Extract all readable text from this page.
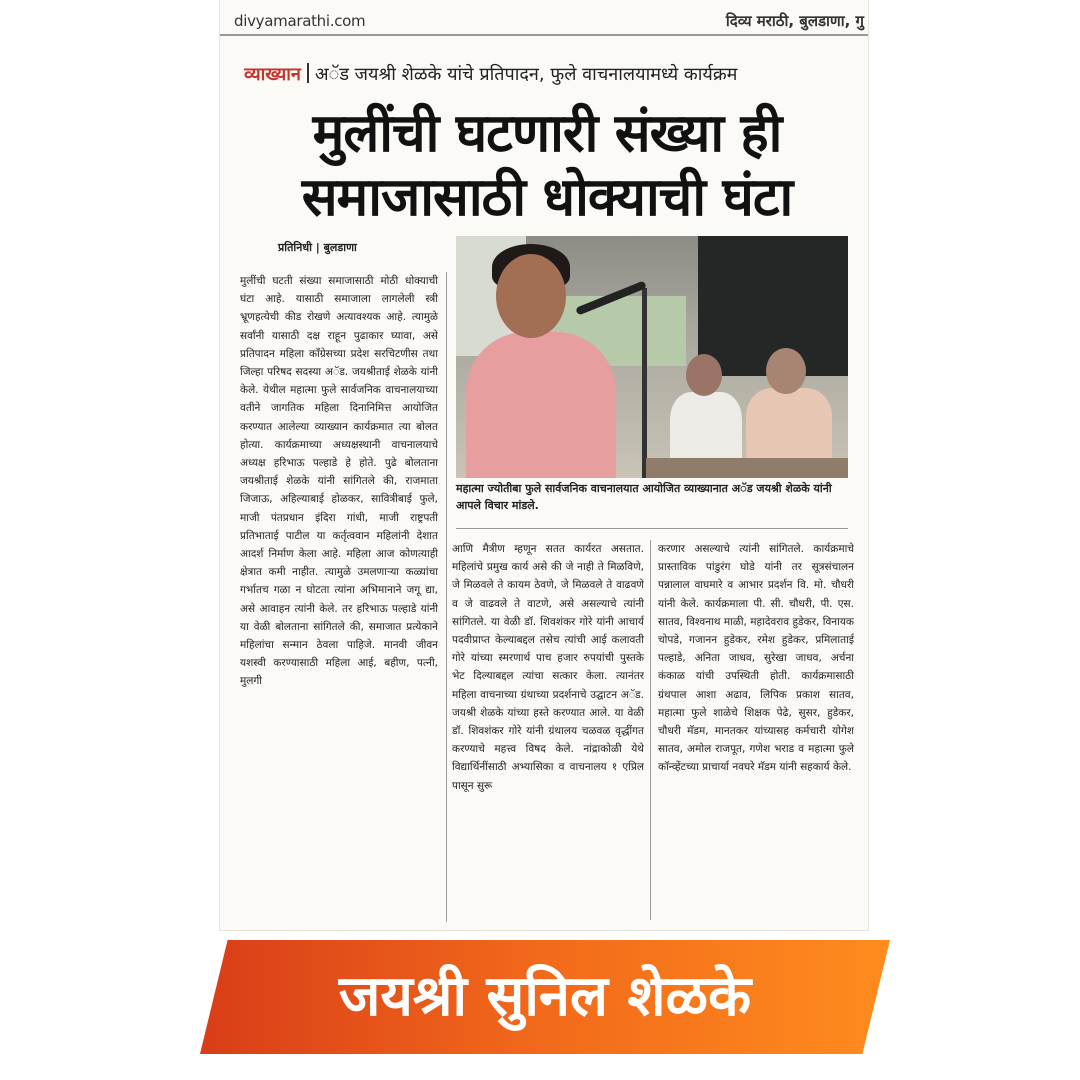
divyamarathi.com	दिव्य मराठी, बुलडाणा, गु
व्याख्यान अॅड जयश्री शेळके यांचे प्रतिपादन, फुले वाचनालयामध्ये कार्यक्रम
मुलींची घटणारी संख्या ही समाजासाठी धोक्याची घंटा
प्रतिनिधी | बुलडाणा

महात्मा ज्योतीबा फुले सार्वजनिक वाचनालयात आयोजित व्याख्यानात अॅड जयश्री शेळके यांनी आपले विचार मांडले.

मुलींची घटती संख्या समाजासाठी मोठी धोक्याची घंटा आहे. यासाठी समाजाला लागलेली स्त्री भ्रूणहत्येची कीड रोखणे अत्यावश्यक आहे. त्यामुळे सर्वांनी यासाठी दक्ष राहून पुढाकार घ्यावा, असे प्रतिपादन महिला काँग्रेसच्या प्रदेश सरचिटणीस तथा जिल्हा परिषद सदस्या अॅड. जयश्रीताई शेळके यांनी केले. येथील महात्मा फुले सार्वजनिक वाचनालयाच्या वतीने जागतिक महिला दिनानिमित्त आयोजित करण्यात आलेल्या व्याख्यान कार्यक्रमात त्या बोलत होत्या. कार्यक्रमाच्या अध्यक्षस्थानी वाचनालयाचे अध्यक्ष हरिभाऊ पल्हाडे हे होते. पुढे बोलताना जयश्रीताई शेळके यांनी सांगितले की, राजमाता जिजाऊ, अहिल्याबाई होळकर, सावित्रीबाई फुले, माजी पंतप्रधान इंदिरा गांधी, माजी राष्ट्रपती प्रतिभाताई पाटील या कर्तृत्ववान महिलांनी देशात आदर्श निर्माण केला आहे. महिला आज कोणत्याही क्षेत्रात कमी नाहीत. त्यामुळे उमलणाऱ्या कळ्यांचा गर्भातच गळा न घोटता त्यांना अभिमानाने जगू द्या, असे आवाहन त्यांनी केले. तर हरिभाऊ पल्हाडे यांनी या वेळी बोलताना सांगितले की, समाजात प्रत्येकाने महिलांचा सन्मान ठेवला पाहिजे. मानवी जीवन यशस्वी करण्यासाठी महिला आई, बहीण, पत्नी, मुलगी

आणि मैत्रीण म्हणून सतत कार्यरत असतात. महिलांचे प्रमुख कार्य असे की जे नाही ते मिळविणे, जे मिळवले ते कायम ठेवणे, जे मिळवले ते वाढवणे व जे वाढवले ते वाटणे, असे असल्याचे त्यांनी सांगितले. या वेळी डॉ. शिवशंकर गोरे यांनी आचार्य पदवीप्राप्त केल्याबद्दल तसेच त्यांची आई कलावती गोरे यांच्या स्मरणार्थ पाच हजार रुपयांची पुस्तके भेट दिल्याबद्दल त्यांचा सत्कार केला. त्यानंतर महिला वाचनाच्या ग्रंथाच्या प्रदर्शनाचे उद्घाटन अॅड. जयश्री शेळके यांच्या हस्ते करण्यात आले. या वेळी डॉ. शिवशंकर गोरे यांनी ग्रंथालय चळवळ वृद्धींगत करण्याचे महत्त्व विषद केले. नांद्राकोळी येथे विद्यार्थिनींसाठी अभ्यासिका व वाचनालय १ एप्रिल पासून सुरू

करणार असल्याचे त्यांनी सांगितले. कार्यक्रमाचे प्रास्ताविक पांडुरंग घोडे यांनी तर सूत्रसंचालन पन्नालाल वाघमारे व आभार प्रदर्शन वि. मो. चौधरी यांनी केले. कार्यक्रमाला पी. सी. चौधरी, पी. एस. सातव, विश्वनाथ माळी, महादेवराव हुडेकर, विनायक चोपडे, गजानन हुडेकर, रमेश हुडेकर, प्रमिलाताई पल्हाडे, अनिता जाधव, सुरेखा जाधव, अर्चना कंकाळ यांची उपस्थिती होती. कार्यक्रमासाठी ग्रंथपाल आशा अढाव, लिपिक प्रकाश सातव, महात्मा फुले शाळेचे शिक्षक पेढे, सुसर, हुडेकर, चौधरी मॅडम, मानतकर यांच्यासह कर्मचारी योगेश सातव, अमोल राजपूत, गणेश भराड व महात्मा फुले कॉन्व्हेंटच्या प्राचार्या नवघरे मॅडम यांनी सहकार्य केले.

जयश्री सुनिल शेळके
